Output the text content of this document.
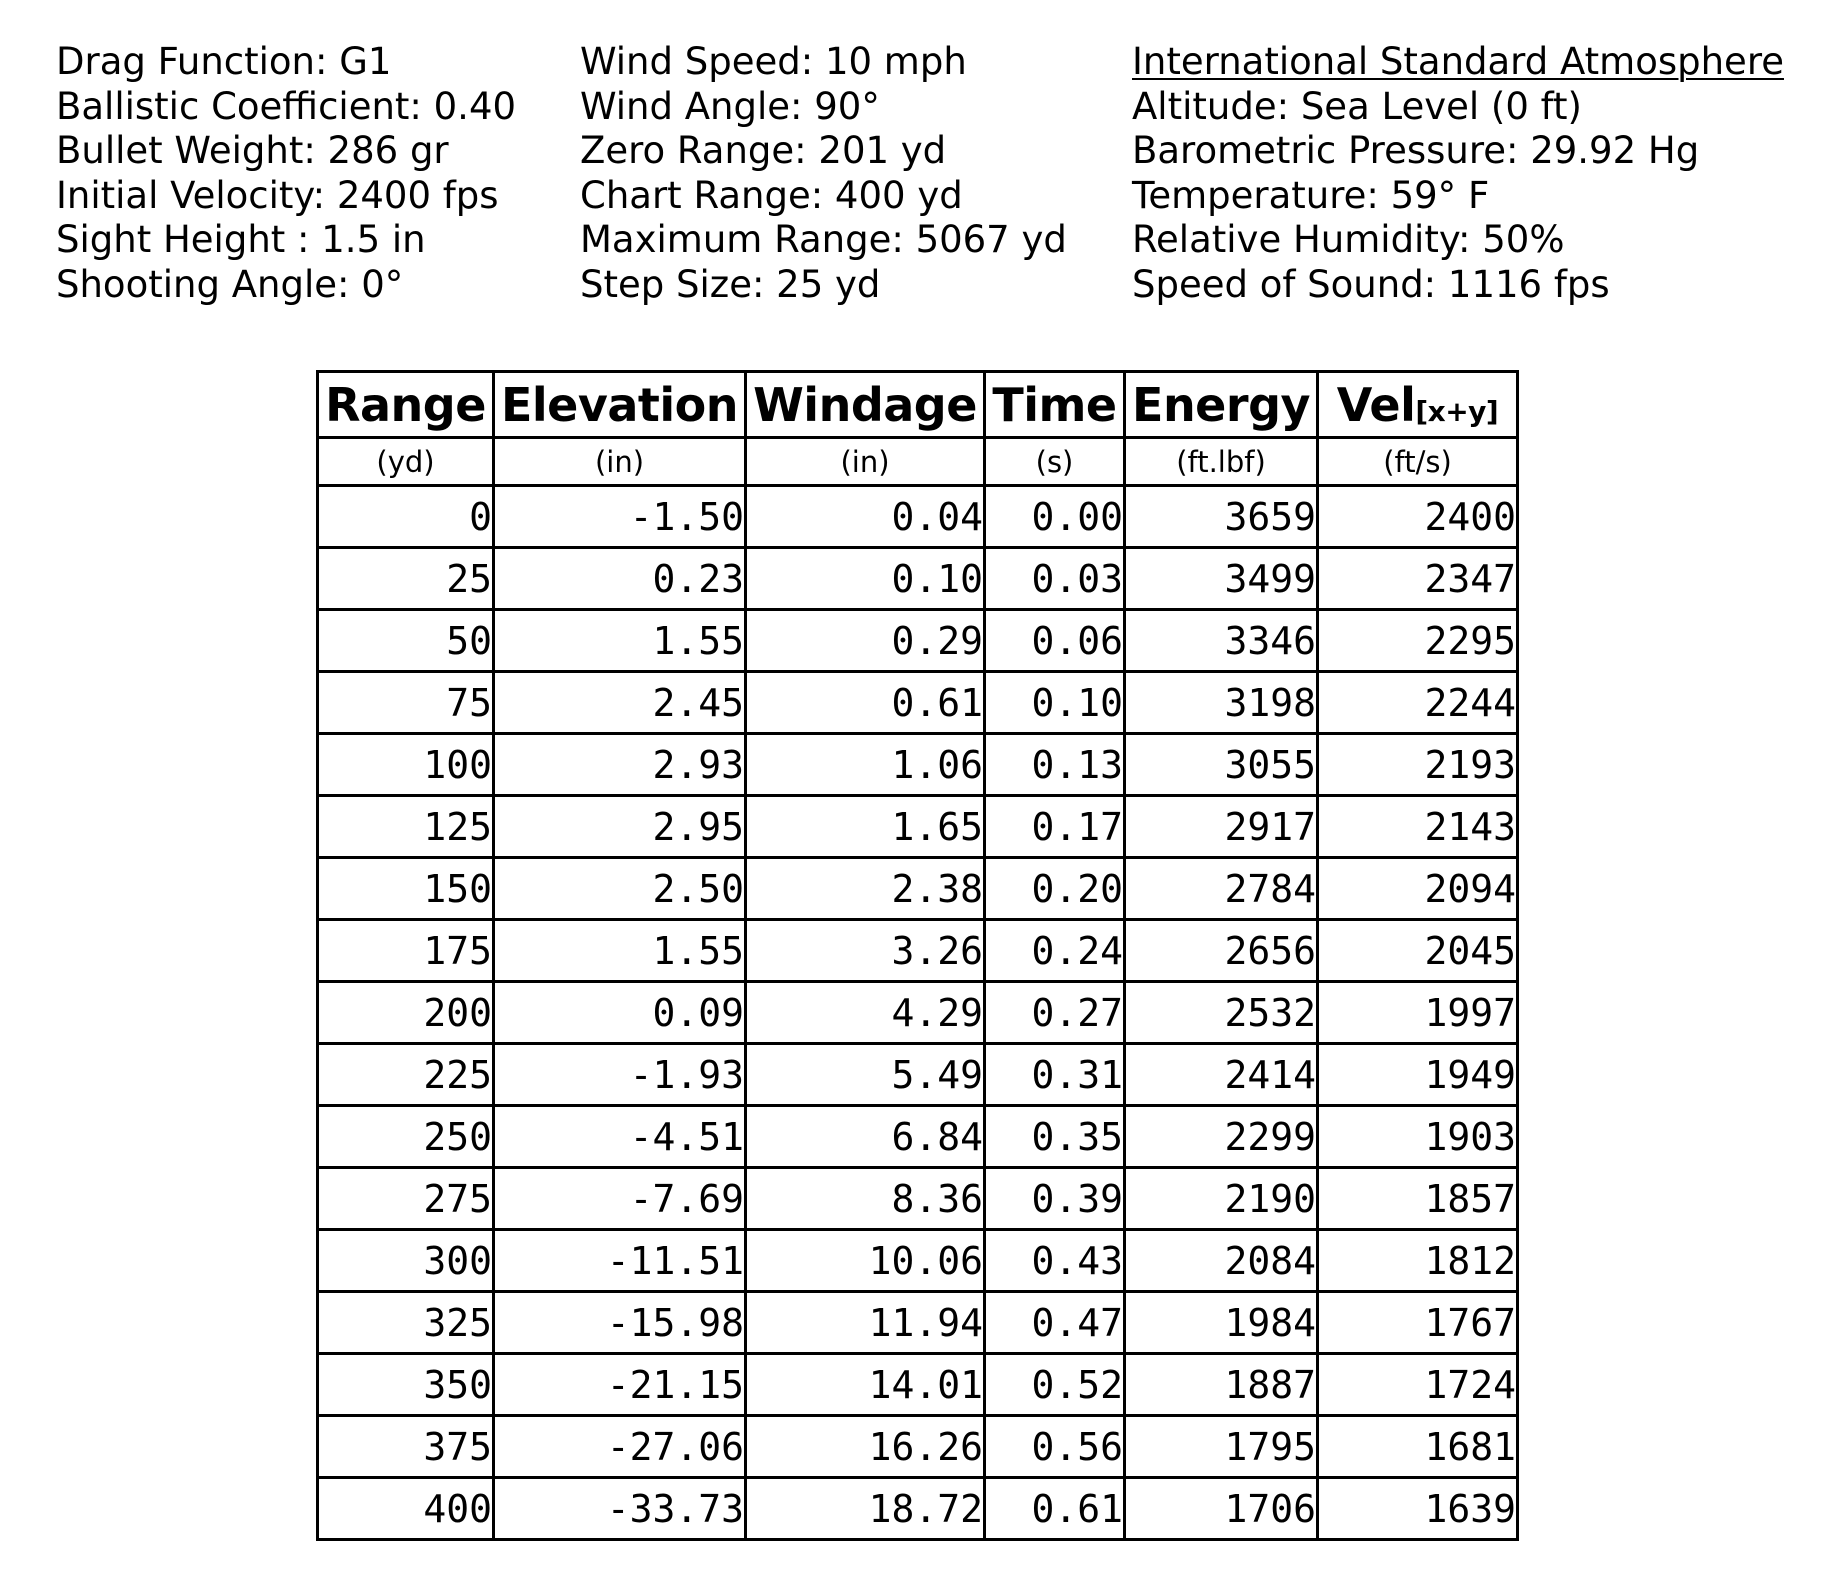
Drag Function: G1
Ballistic Coefficient: 0.40
Bullet Weight: 286 gr
Initial Velocity: 2400 fps
Sight Height : 1.5 in
Shooting Angle: 0°
Wind Speed: 10 mph
Wind Angle: 90°
Zero Range: 201 yd
Chart Range: 400 yd
Maximum Range: 5067 yd
Step Size: 25 yd
International Standard Atmosphere
Altitude: Sea Level (0 ft)
Barometric Pressure: 29.92 Hg
Temperature: 59° F
Relative Humidity: 50%
Speed of Sound: 1116 fps
Range	Elevation	Windage	Time	Energy	Vel[x+y]
(yd)	(in)	(in)	(s)	(ft.lbf)	(ft/s)
0	-1.50	0.04	0.00	3659	2400
25	0.23	0.10	0.03	3499	2347
50	1.55	0.29	0.06	3346	2295
75	2.45	0.61	0.10	3198	2244
100	2.93	1.06	0.13	3055	2193
125	2.95	1.65	0.17	2917	2143
150	2.50	2.38	0.20	2784	2094
175	1.55	3.26	0.24	2656	2045
200	0.09	4.29	0.27	2532	1997
225	-1.93	5.49	0.31	2414	1949
250	-4.51	6.84	0.35	2299	1903
275	-7.69	8.36	0.39	2190	1857
300	-11.51	10.06	0.43	2084	1812
325	-15.98	11.94	0.47	1984	1767
350	-21.15	14.01	0.52	1887	1724
375	-27.06	16.26	0.56	1795	1681
400	-33.73	18.72	0.61	1706	1639
